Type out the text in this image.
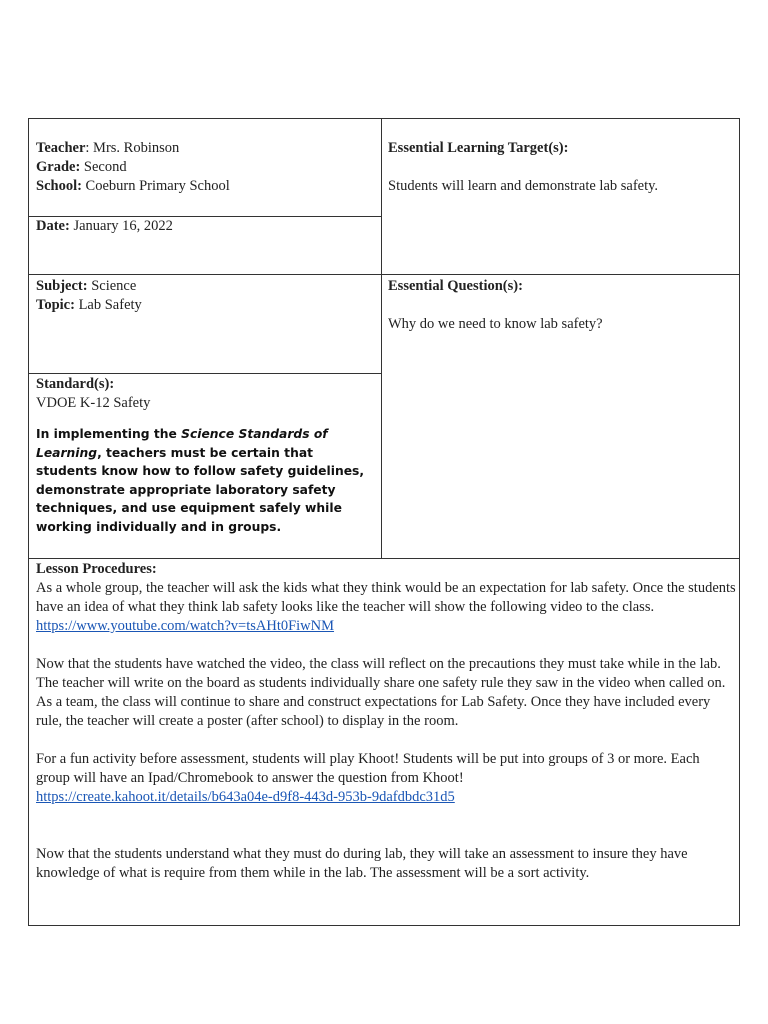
Teacher: Mrs. Robinson

Grade: Second

School: Coeburn Primary School

Date: January 16, 2022

Essential Learning Target(s):

Students will learn and demonstrate lab safety.

Subject: Science

Topic: Lab Safety

Essential Question(s):

Why do we need to know lab safety?

Standard(s):

VDOE K-12 Safety

In implementing the Science Standards of Learning, teachers must be certain that students know how to follow safety guidelines, demonstrate appropriate laboratory safety techniques, and use equipment safely while working individually and in groups.

Lesson Procedures:

As a whole group, the teacher will ask the kids what they think would be an expectation for lab safety. Once the students have an idea of what they think lab safety looks like the teacher will show the following video to the class.

https://www.youtube.com/watch?v=tsAHt0FiwNM

Now that the students have watched the video, the class will reflect on the precautions they must take while in the lab. The teacher will write on the board as students individually share one safety rule they saw in the video when called on. As a team, the class will continue to share and construct expectations for Lab Safety. Once they have included every rule, the teacher will create a poster (after school) to display in the room.

For a fun activity before assessment, students will play Khoot! Students will be put into groups of 3 or more. Each group will have an Ipad/Chromebook to answer the question from Khoot!

https://create.kahoot.it/details/b643a04e-d9f8-443d-953b-9dafdbdc31d5

Now that the students understand what they must do during lab, they will take an assessment to insure they have knowledge of what is require from them while in the lab. The assessment will be a sort activity.
